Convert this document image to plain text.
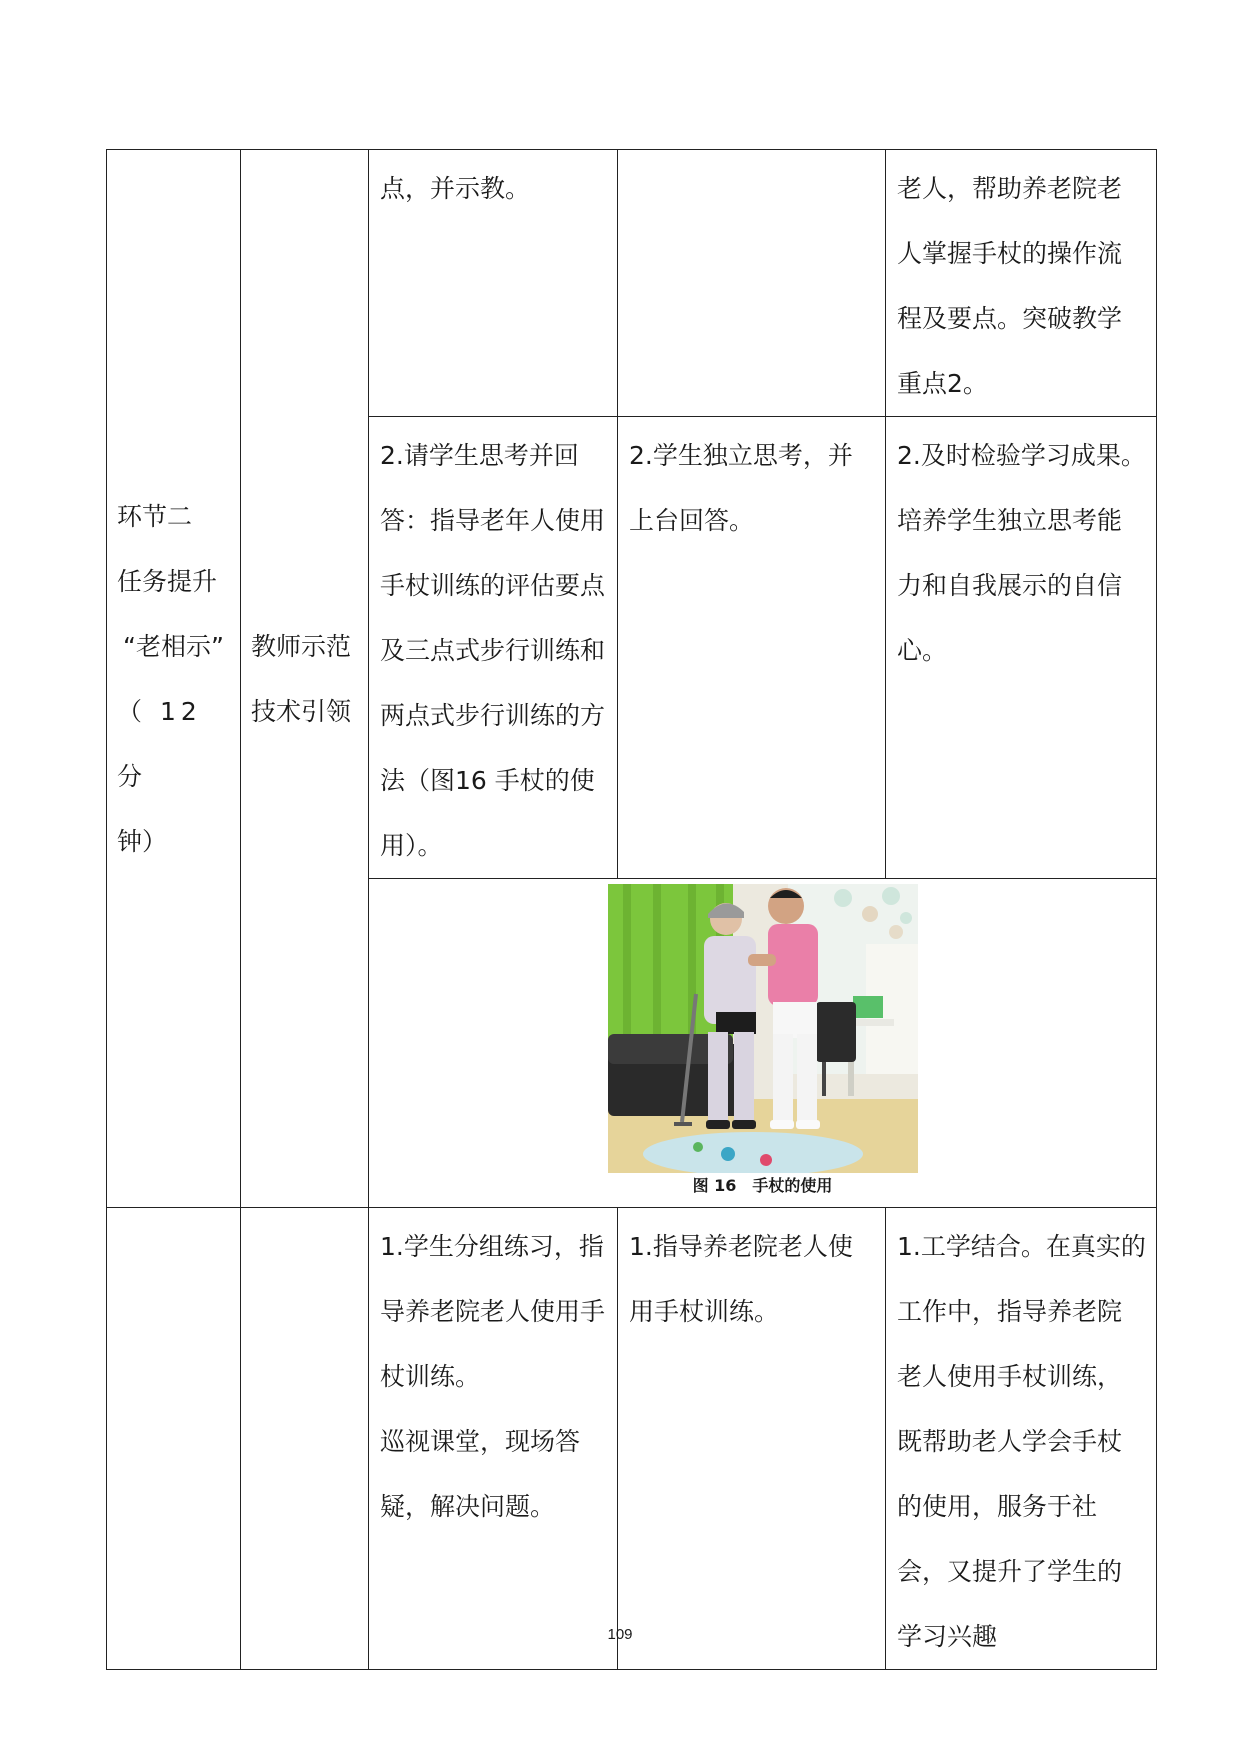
环节二
任务提升
“老相示”
（ 12 分
钟）	教师示范
技术引领	点，并示教。		老人，帮助养老院老人掌握手杖的操作流程及要点。突破教学重点2。

		2.请学生思考并回答：指导老年人使用手杖训练的评估要点及三点式步行训练和两点式步行训练的方法（图16 手杖的使用）。	2.学生独立思考，并上台回答。	2.及时检验学习成果。培养学生独立思考能力和自我展示的自信心。

		图 16　手杖的使用		

		1.学生分组练习，指导养老院老人使用手杖训练。
巡视课堂，现场答疑，解决问题。	1.指导养老院老人使用手杖训练。	1.工学结合。在真实的工作中，指导养老院老人使用手杖训练，既帮助老人学会手杖的使用，服务于社会，又提升了学生的学习兴趣
109
